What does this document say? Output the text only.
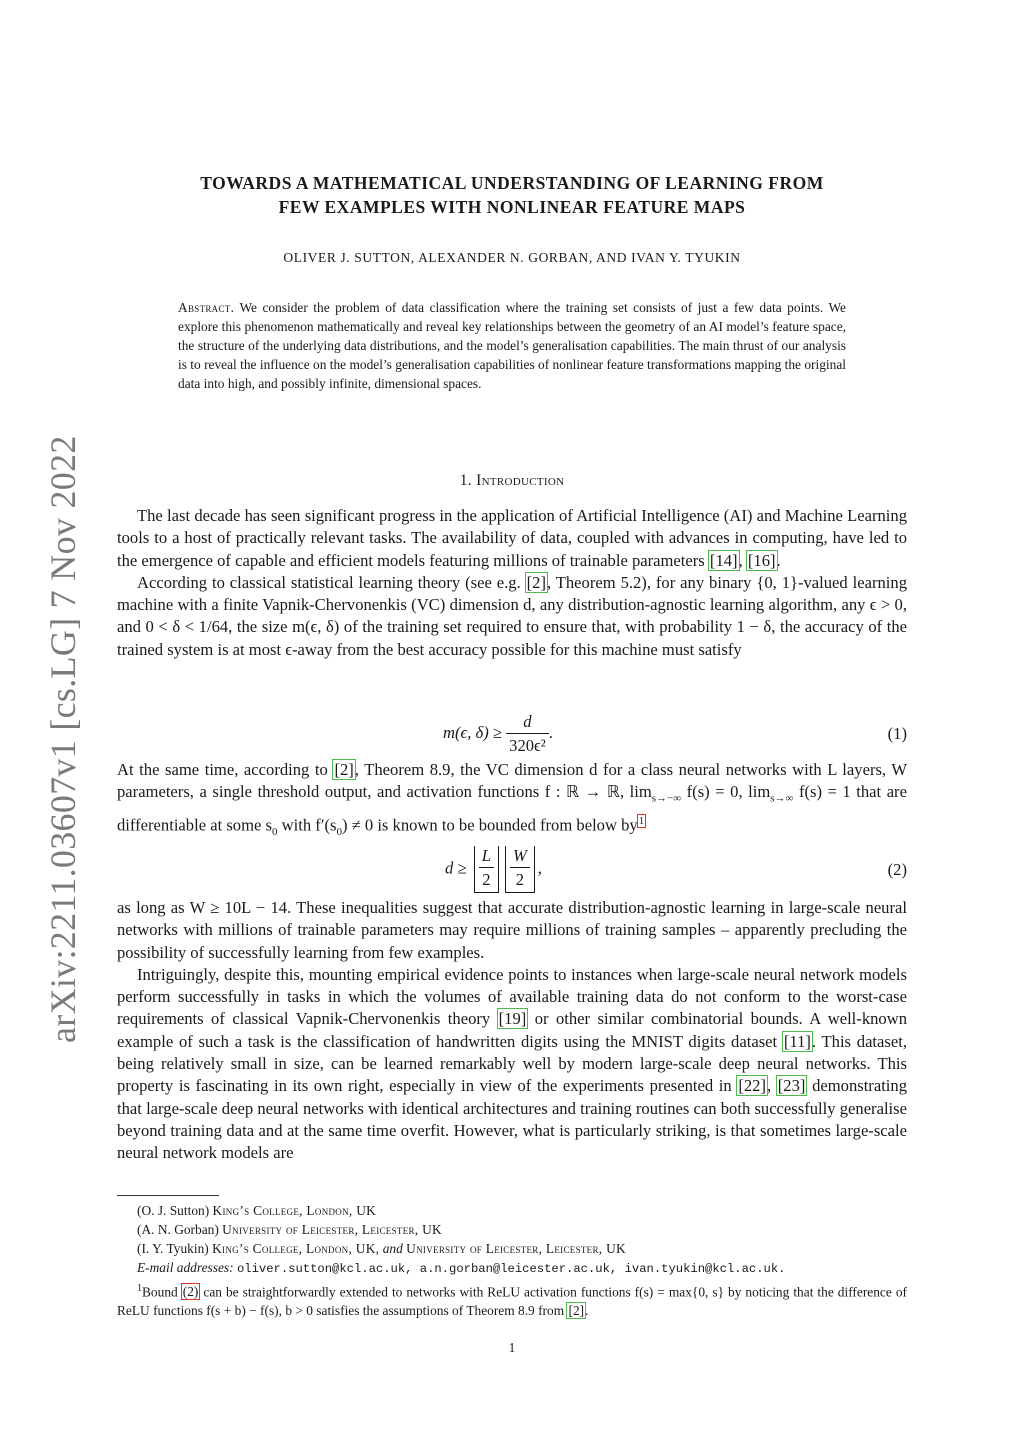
arXiv:2211.03607v1 [cs.LG] 7 Nov 2022
TOWARDS A MATHEMATICAL UNDERSTANDING OF LEARNING FROM
FEW EXAMPLES WITH NONLINEAR FEATURE MAPS
OLIVER J. SUTTON, ALEXANDER N. GORBAN, AND IVAN Y. TYUKIN
Abstract. We consider the problem of data classification where the training set consists of just a few data points. We explore this phenomenon mathematically and reveal key relationships between the geometry of an AI model’s feature space, the structure of the underlying data distributions, and the model’s generalisation capabilities. The main thrust of our analysis is to reveal the influence on the model’s generalisation capabilities of nonlinear feature transformations mapping the original data into high, and possibly infinite, dimensional spaces.
1. Introduction

The last decade has seen significant progress in the application of Artificial Intelligence (AI) and Machine Learning tools to a host of practically relevant tasks. The availability of data, coupled with advances in computing, have led to the emergence of capable and efficient models featuring millions of trainable parameters [14], [16].

According to classical statistical learning theory (see e.g. [2], Theorem 5.2), for any binary {0, 1}-valued learning machine with a finite Vapnik-Chervonenkis (VC) dimension d, any distribution-agnostic learning algorithm, any ϵ > 0, and 0 < δ < 1/64, the size m(ϵ, δ) of the training set required to ensure that, with probability 1 − δ, the accuracy of the trained system is at most ϵ-away from the best accuracy possible for this machine must satisfy

m(ϵ, $\delta) \ge \frac{d}{\text{320ϵ²}}$ .	(1)

At the same time, according to [2], Theorem 8.9, the VC dimension d for a class neural networks with L layers, W parameters, a single threshold output, and activation functions f : ℝ → ℝ, $\lim_{s\to-\infty} f(s) = 0$, $\lim_{s\to\infty} f(s) = 1$ that are differentiable at some $s_0$ with $f'(s_0) \ne 0$ is known to be bounded from below by$^1$

$d \ge \frac{L}{2} \frac{W}{2}$ ,	(2)

as long as W ≥ 10L − 14. These inequalities suggest that accurate distribution-agnostic learning in large-scale neural networks with millions of trainable parameters may require millions of training samples – apparently precluding the possibility of successfully learning from few examples.

Intriguingly, despite this, mounting empirical evidence points to instances when large-scale neural network models perform successfully in tasks in which the volumes of available training data do not conform to the worst-case requirements of classical Vapnik-Chervonenkis theory [19] or other similar combinatorial bounds. A well-known example of such a task is the classification of handwritten digits using the MNIST digits dataset [11]. This dataset, being relatively small in size, can be learned remarkably well by modern large-scale deep neural networks. This property is fascinating in its own right, especially in view of the experiments presented in [22], [23] demonstrating that large-scale deep neural networks with identical architectures and training routines can both successfully generalise beyond training data and at the same time overfit. However, what is particularly striking, is that sometimes large-scale neural network models are

(O. J. Sutton) King’s College, London, UK
(A. N. Gorban) University of Leicester, Leicester, UK
(I. Y. Tyukin) King’s College, London, UK, and University of Leicester, Leicester, UK
E-mail addresses: oliver.sutton@kcl.ac.uk, a.n.gorban@leicester.ac.uk, ivan.tyukin@kcl.ac.uk.
$^1$Bound (2) can be straightforwardly extended to networks with ReLU activation functions f(s) = max{0, s} by noticing that the difference of ReLU functions f(s + b) − f(s), b > 0 satisfies the assumptions of Theorem 8.9 from [2].
1
